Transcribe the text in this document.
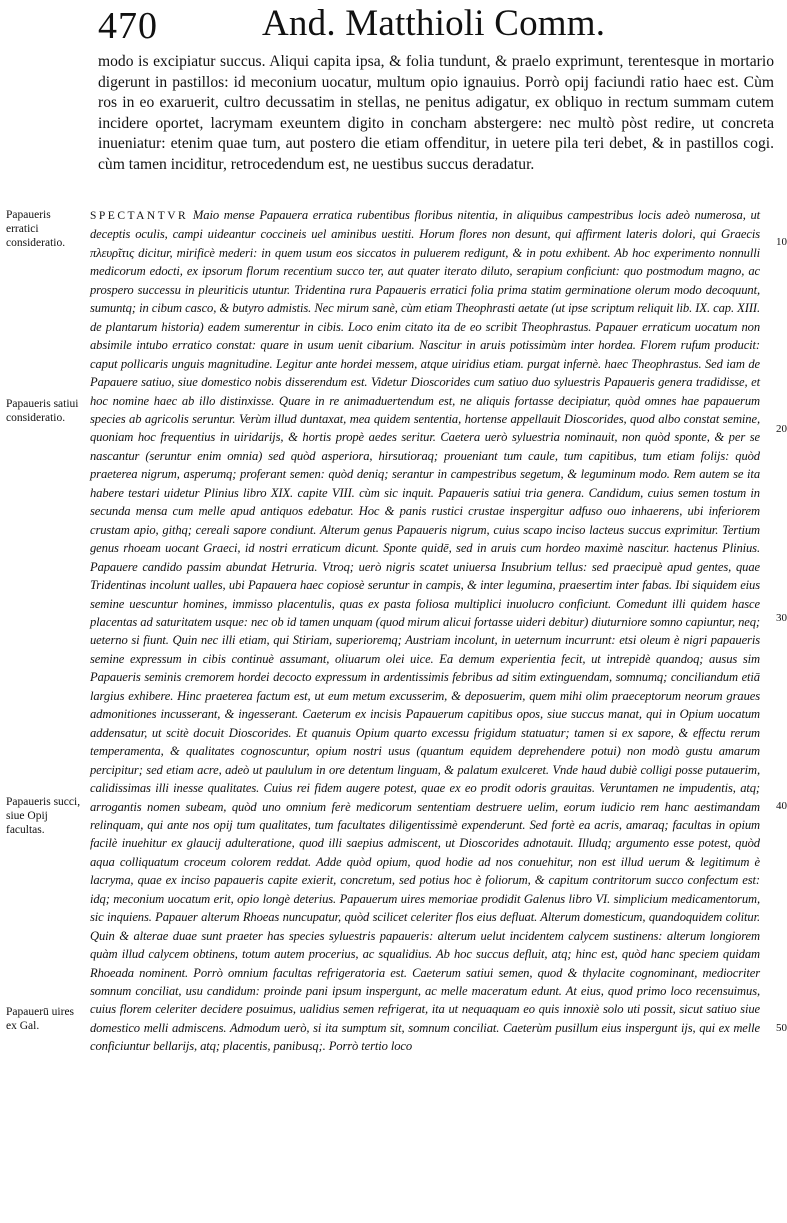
470	And. Matthioli Comm.

modo is excipiatur succus. Aliqui capita ipsa, & folia tundunt, & praelo exprimunt, terentesque in mortario digerunt in pastillos: id meconium uocatur, multum opio ignauius. Porrò opij faciundi ratio haec est. Cùm ros in eo exaruerit, cultro decussatim in stellas, ne penitus adigatur, ex obliquo in rectum summam cutem incidere oportet, lacrymam exeuntem digito in concham abstergere: nec multò pòst redire, ut concreta inueniatur: etenim quae tum, aut postero die etiam offenditur, in uetere pila teri debet, & in pastillos cogi. cùm tamen inciditur, retrocedendum est, ne uestibus succus deradatur.

Papaueris erratici consideratio.
Papaueris satiui consideratio.
Papaueris succi, siue Opij facultas.
Papauerū uires ex Gal.
10
20
30
40
50

SPECTANTVR Maio mense Papauera erratica rubentibus floribus nitentia, in aliquibus campestribus locis adeò numerosa, ut deceptis oculis, campi uideantur coccineis uel aminibus uestiti. Horum flores non desunt, qui affirment lateris dolori, qui Graecis πλευρῖτις dicitur, mirificè mederi: in quem usum eos siccatos in puluerem redigunt, & in potu exhibent. Ab hoc experimento nonnulli medicorum edocti, ex ipsorum florum recentium succo ter, aut quater iterato diluto, serapium conficiunt: quo postmodum magno, ac prospero successu in pleuriticis utuntur. Tridentina rura Papaueris erratici folia prima statim germinatione olerum modo decoquunt, sumuntq; in cibum casco, & butyro admistis. Nec mirum sanè, cùm etiam Theophrasti aetate (ut ipse scriptum reliquit lib. IX. cap. XIII. de plantarum historia) eadem sumerentur in cibis. Loco enim citato ita de eo scribit Theophrastus. Papauer erraticum uocatum non absimile intubo erratico constat: quare in usum uenit cibarium. Nascitur in aruis potissimùm inter hordea. Florem rufum producit: caput pollicaris unguis magnitudine. Legitur ante hordei messem, atque uiridius etiam. purgat infernè. haec Theophrastus. Sed iam de Papauere satiuo, siue domestico nobis disserendum est. Videtur Dioscorides cum satiuo duo syluestris Papaueris genera tradidisse, et hoc nomine haec ab illo distinxisse. Quare in re animaduertendum est, ne aliquis fortasse decipiatur, quòd omnes hae papauerum species ab agricolis seruntur. Verùm illud duntaxat, mea quidem sententia, hortense appellauit Dioscorides, quod albo constat semine, quoniam hoc frequentius in uiridarijs, & hortis propè aedes seritur. Caetera uerò syluestria nominauit, non quòd sponte, & per se nascantur (seruntur enim omnia) sed quòd asperiora, hirsutioraq; proueniant tum caule, tum capitibus, tum etiam folijs: quòd praeterea nigrum, asperumq; proferant semen: quòd deniq; serantur in campestribus segetum, & leguminum modo. Rem autem se ita habere testari uidetur Plinius libro XIX. capite VIII. cùm sic inquit. Papaueris satiui tria genera. Candidum, cuius semen tostum in secunda mensa cum melle apud antiquos edebatur. Hoc & panis rustici crustae inspergitur adfuso ouo inhaerens, ubi inferiorem crustam apio, githq; cereali sapore condiunt. Alterum genus Papaueris nigrum, cuius scapo inciso lacteus succus exprimitur. Tertium genus rhoeam uocant Graeci, id nostri erraticum dicunt. Sponte quidē, sed in aruis cum hordeo maximè nascitur. hactenus Plinius. Papauere candido passim abundat Hetruria. Vtroq; uerò nigris scatet uniuersa Insubrium tellus: sed praecipuè apud gentes, quae Tridentinas incolunt ualles, ubi Papauera haec copiosè seruntur in campis, & inter legumina, praesertim inter fabas. Ibi siquidem eius semine uescuntur homines, immisso placentulis, quas ex pasta foliosa multiplici inuolucro conficiunt. Comedunt illi quidem hasce placentas ad saturitatem usque: nec ob id tamen unquam (quod mirum alicui fortasse uideri debitur) diuturniore somno capiuntur, neq; ueterno si fiunt. Quin nec illi etiam, qui Stiriam, superioremq; Austriam incolunt, in ueternum incurrunt: etsi oleum è nigri papaueris semine expressum in cibis continuè assumant, oliuarum olei uice. Ea demum experientia fecit, ut intrepidè quandoq; ausus sim Papaueris seminis cremorem hordei decocto expressum in ardentissimis febribus ad sitim extinguendam, somnumq; conciliandum etiā largius exhibere. Hinc praeterea factum est, ut eum metum excusserim, & deposuerim, quem mihi olim praeceptorum neorum graues admonitiones incusserant, & ingesserant. Caeterum ex incisis Papauerum capitibus opos, siue succus manat, qui in Opium uocatum addensatur, ut scitè docuit Dioscorides. Et quanuis Opium quarto excessu frigidum statuatur; tamen si ex sapore, & effectu rerum temperamenta, & qualitates cognoscuntur, opium nostri usus (quantum equidem deprehendere potui) non modò gustu amarum percipitur; sed etiam acre, adeò ut paululum in ore detentum linguam, & palatum exulceret. Vnde haud dubiè colligi posse putauerim, calidissimas illi inesse qualitates. Cuius rei fidem augere potest, quae ex eo prodit odoris grauitas. Veruntamen ne impudentis, atq; arrogantis nomen subeam, quòd uno omnium ferè medicorum sententiam destruere uelim, eorum iudicio rem hanc aestimandam relinquam, qui ante nos opij tum qualitates, tum facultates diligentissimè expenderunt. Sed fortè ea acris, amaraq; facultas in opium facilè inuehitur ex glaucij adulteratione, quod illi saepius admiscent, ut Dioscorides adnotauit. Illudq; argumento esse potest, quòd aqua colliquatum croceum colorem reddat. Adde quòd opium, quod hodie ad nos conuehitur, non est illud uerum & legitimum è lacryma, quae ex inciso papaueris capite exierit, concretum, sed potius hoc è foliorum, & capitum contritorum succo confectum est: idq; meconium uocatum erit, opio longè deterius. Papauerum uires memoriae prodidit Galenus libro VI. simplicium medicamentorum, sic inquiens. Papauer alterum Rhoeas nuncupatur, quòd scilicet celeriter flos eius defluat. Alterum domesticum, quandoquidem colitur. Quin & alterae duae sunt praeter has species syluestris papaueris: alterum uelut incidentem calycem sustinens: alterum longiorem quàm illud calycem obtinens, totum autem procerius, ac squalidius. Ab hoc succus defluit, atq; hinc est, quòd hanc speciem quidam Rhoeada nominent. Porrò omnium facultas refrigeratoria est. Caeterum satiui semen, quod & thylacite cognominant, mediocriter somnum conciliat, usu candidum: proinde pani ipsum inspergunt, ac melle maceratum edunt. At eius, quod primo loco recensuimus, cuius florem celeriter decidere posuimus, ualidius semen refrigerat, ita ut nequaquam eo quis innoxiè solo uti possit, sicut satiuo siue domestico melli admiscens. Admodum uerò, si ita sumptum sit, somnum conciliat. Caeterùm pusillum eius inspergunt ijs, qui ex melle conficiuntur bellarijs, atq; placentis, panibusq;. Porrò tertio loco
